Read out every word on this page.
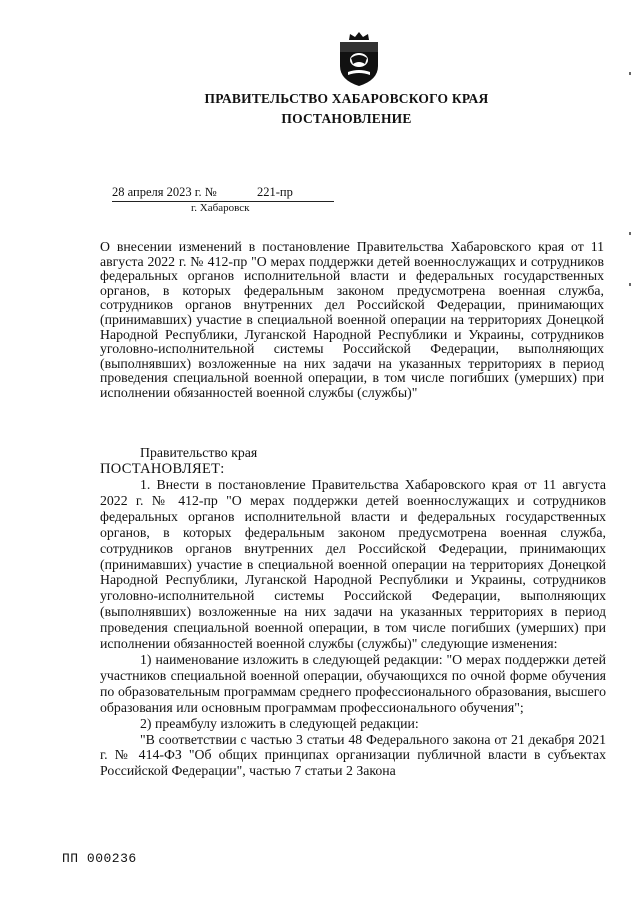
ПРАВИТЕЛЬСТВО ХАБАРОВСКОГО КРАЯ
ПОСТАНОВЛЕНИЕ
28 апреля 2023 г. №	221-пр
г. Хабаровск
О внесении изменений в постановление Правительства Хабаровского края от 11 августа 2022 г. № 412-пр "О мерах поддержки детей военнослужащих и сотрудников федеральных органов исполнительной власти и федеральных государственных органов, в которых федеральным законом предусмотрена военная служба, сотрудников органов внутренних дел Российской Федерации, принимающих (принимавших) участие в специальной военной операции на территориях Донецкой Народной Республики, Луганской Народной Республики и Украины, сотрудников уголовно-исполнительной системы Российской Федерации, выполняющих (выполнявших) возложенные на них задачи на указанных территориях в период проведения специальной военной операции, в том числе погибших (умерших) при исполнении обязанностей военной службы (службы)"
Правительство края
ПОСТАНОВЛЯЕТ:

1. Внести в постановление Правительства Хабаровского края от 11 августа 2022 г. № 412-пр "О мерах поддержки детей военнослужащих и сотрудников федеральных органов исполнительной власти и федеральных государственных органов, в которых федеральным законом предусмотрена военная служба, сотрудников органов внутренних дел Российской Федерации, принимающих (принимавших) участие в специальной военной операции на территориях Донецкой Народной Республики, Луганской Народной Республики и Украины, сотрудников уголовно-исполнительной системы Российской Федерации, выполняющих (выполнявших) возложенные на них задачи на указанных территориях в период проведения специальной военной операции, в том числе погибших (умерших) при исполнении обязанностей военной службы (службы)" следующие изменения:

1) наименование изложить в следующей редакции: "О мерах поддержки детей участников специальной военной операции, обучающихся по очной форме обучения по образовательным программам среднего профессионального образования, высшего образования или основным программам профессионального обучения";

2) преамбулу изложить в следующей редакции:

"В соответствии с частью 3 статьи 48 Федерального закона от 21 декабря 2021 г. № 414-ФЗ "Об общих принципах организации публичной власти в субъектах Российской Федерации", частью 7 статьи 2 Закона

ПП 000236
